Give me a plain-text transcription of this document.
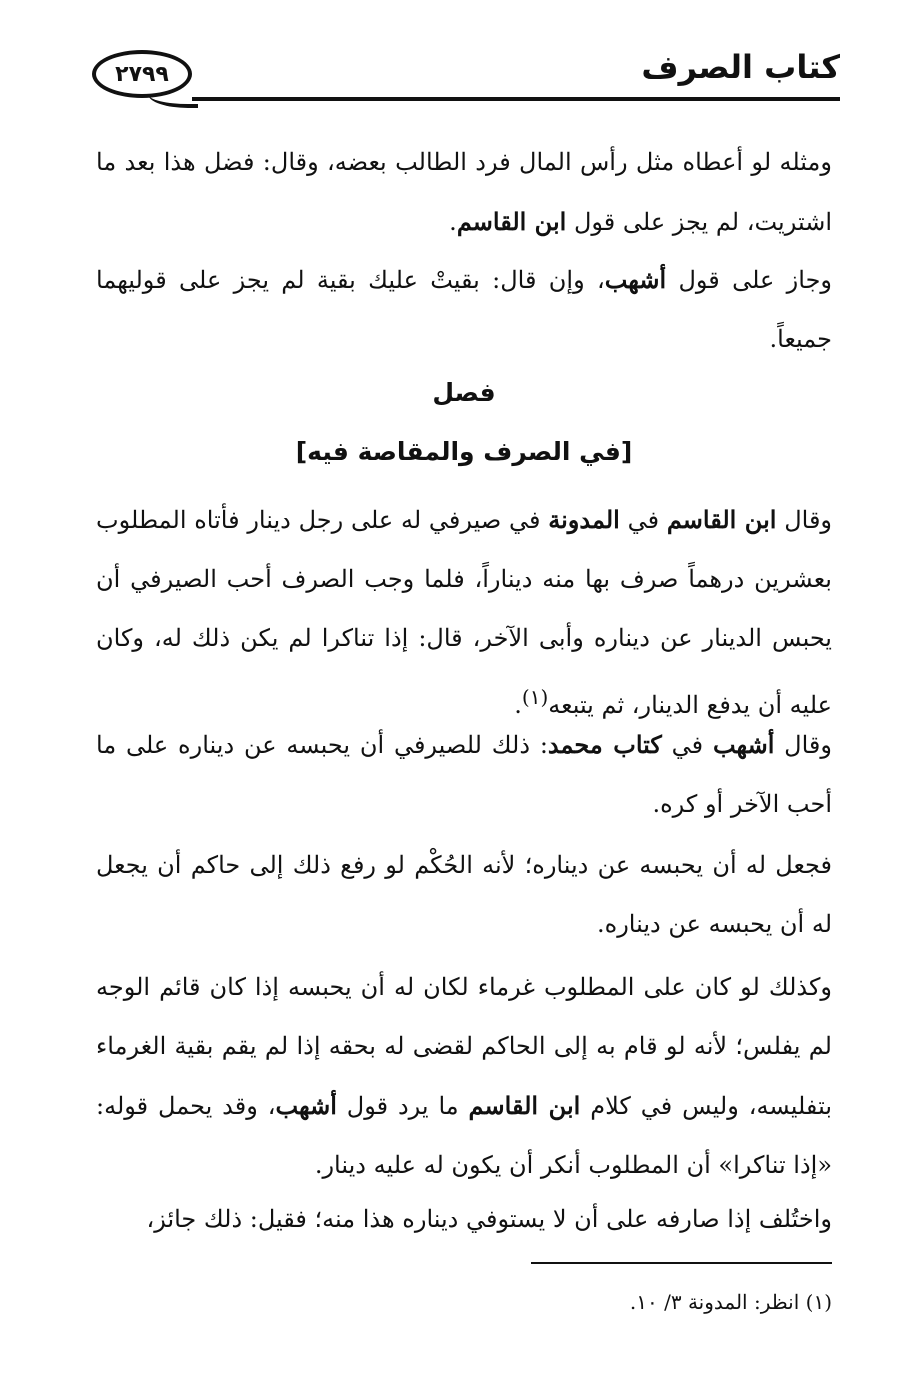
٢٧٩٩	كتاب الصرف

ومثله لو أعطاه مثل رأس المال فرد الطالب بعضه، وقال: فضل هذا بعد ما اشتريت، لم يجز على قول ابن القاسم.

وجاز على قول أشهب، وإن قال: بقيتْ عليك بقية لم يجز على قوليهما جميعاً.

فصل
[في الصرف والمقاصة فيه]

وقال ابن القاسم في المدونة في صيرفي له على رجل دينار فأتاه المطلوب بعشرين درهماً صرف بها منه ديناراً، فلما وجب الصرف أحب الصيرفي أن يحبس الدينار عن ديناره وأبى الآخر، قال: إذا تناكرا لم يكن ذلك له، وكان عليه أن يدفع الدينار، ثم يتبعه$^{(١)}$.

وقال أشهب في كتاب محمد: ذلك للصيرفي أن يحبسه عن ديناره على ما أحب الآخر أو كره.

فجعل له أن يحبسه عن ديناره؛ لأنه الحُكْم لو رفع ذلك إلى حاكم أن يجعل له أن يحبسه عن ديناره.

وكذلك لو كان على المطلوب غرماء لكان له أن يحبسه إذا كان قائم الوجه لم يفلس؛ لأنه لو قام به إلى الحاكم لقضى له بحقه إذا لم يقم بقية الغرماء بتفليسه، وليس في كلام ابن القاسم ما يرد قول أشهب، وقد يحمل قوله: «إذا تناكرا» أن المطلوب أنكر أن يكون له عليه دينار.

واختُلف إذا صارفه على أن لا يستوفي ديناره هذا منه؛ فقيل: ذلك جائز،

(١) انظر: المدونة ٣/ ١٠.
